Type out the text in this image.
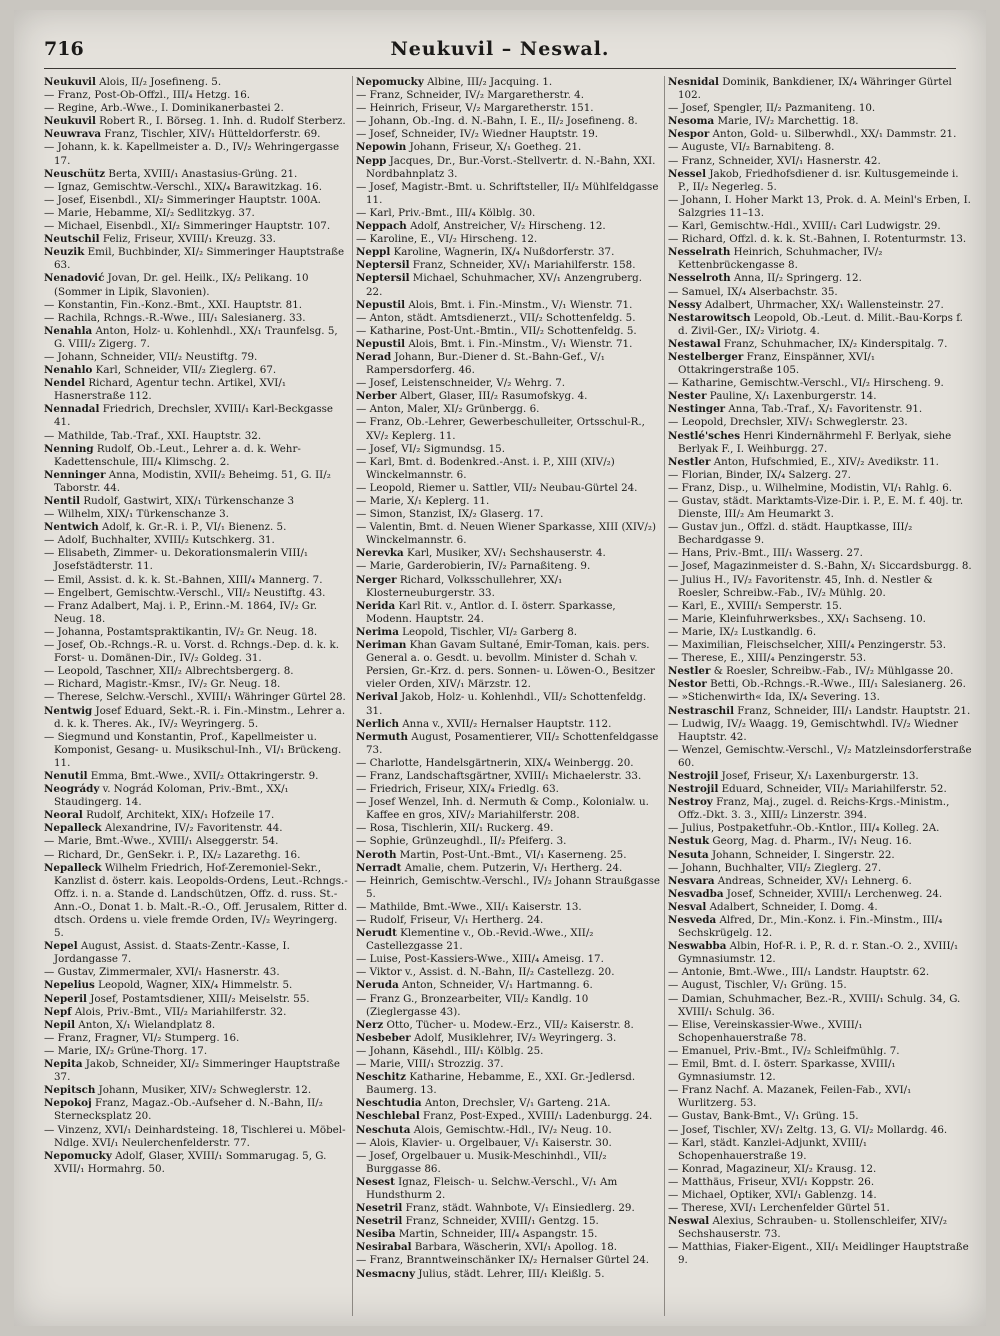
716	Neukuvil – Neswal.
Neukuvil Alois, II/₂ Josefineng. 5.
— Franz, Post-Ob-Offzl., III/₄ Hetzg. 16.
— Regine, Arb.-Wwe., I. Dominikanerbastei 2.
Neukuvil Robert R., I. Börseg. 1. Inh. d. Rudolf Sterberz.
Neuwrava Franz, Tischler, XIV/₁ Hütteldorferstr. 69.
— Johann, k. k. Kapellmeister a. D., IV/₂ Wehringergasse 17.
Neuschütz Berta, XVIII/₁ Anastasius-Grüng. 21.
— Ignaz, Gemischtw.-Verschl., XIX/₄ Barawitzkag. 16.
— Josef, Eisenbdl., XI/₂ Simmeringer Hauptstr. 100A.
— Marie, Hebamme, XI/₂ Sedlitzkyg. 37.
— Michael, Eisenbdl., XI/₂ Simmeringer Hauptstr. 107.
Neutschil Feliz, Friseur, XVIII/₁ Kreuzg. 33.
Neuzik Emil, Buchbinder, XI/₂ Simmeringer Hauptstraße 63.
Nenadović Jovan, Dr. gel. Heilk., IX/₂ Pelikang. 10 (Sommer in Lipik, Slavonien).
— Konstantin, Fin.-Konz.-Bmt., XXI. Hauptstr. 81.
— Rachila, Rchngs.-R.-Wwe., III/₁ Salesianerg. 33.
Nenahla Anton, Holz- u. Kohlenhdl., XX/₁ Traunfelsg. 5, G. VIII/₂ Zigerg. 7.
— Johann, Schneider, VII/₂ Neustiftg. 79.
Nenahlo Karl, Schneider, VII/₂ Zieglerg. 67.
Nendel Richard, Agentur techn. Artikel, XVI/₁ Hasnerstraße 112.
Nennadal Friedrich, Drechsler, XVIII/₁ Karl-Beckgasse 41.
— Mathilde, Tab.-Traf., XXI. Hauptstr. 32.
Nenning Rudolf, Ob.-Leut., Lehrer a. d. k. Wehr-Kadettenschule, III/₄ Klimschg. 2.
Nenninger Anna, Modistin, XVII/₂ Beheimg. 51, G. II/₂ Taborstr. 44.
Nentil Rudolf, Gastwirt, XIX/₁ Türkenschanze 3
— Wilhelm, XIX/₁ Türkenschanze 3.
Nentwich Adolf, k. Gr.-R. i. P., VI/₁ Bienenz. 5.
— Adolf, Buchhalter, XVIII/₂ Kutschkerg. 31.
— Elisabeth, Zimmer- u. Dekorationsmalerin VIII/₁ Josefstädterstr. 11.
— Emil, Assist. d. k. k. St.-Bahnen, XIII/₄ Mannerg. 7.
— Engelbert, Gemischtw.-Verschl., VII/₂ Neustiftg. 43.
— Franz Adalbert, Maj. i. P., Erinn.-M. 1864, IV/₂ Gr. Neug. 18.
— Johanna, Postamtspraktikantin, IV/₂ Gr. Neug. 18.
— Josef, Ob.-Rchngs.-R. u. Vorst. d. Rchngs.-Dep. d. k. k. Forst- u. Domänen-Dir., IV/₂ Goldeg. 31.
— Leopold, Taschner, XII/₂ Albrechtsbergerg. 8.
— Richard, Magistr.-Kmsr., IV/₂ Gr. Neug. 18.
— Therese, Selchw.-Verschl., XVIII/₁ Währinger Gürtel 28.
Nentwig Josef Eduard, Sekt.-R. i. Fin.-Minstm., Lehrer a. d. k. k. Theres. Ak., IV/₂ Weyringerg. 5.
— Siegmund und Konstantin, Prof., Kapellmeister u. Komponist, Gesang- u. Musikschul-Inh., VI/₁ Brückeng. 11.
Nenutil Emma, Bmt.-Wwe., XVII/₂ Ottakringerstr. 9.
Neogrády v. Nográd Koloman, Priv.-Bmt., XX/₁ Staudingerg. 14.
Neoral Rudolf, Architekt, XIX/₁ Hofzeile 17.
Nepalleck Alexandrine, IV/₂ Favoritenstr. 44.
— Marie, Bmt.-Wwe., XVIII/₁ Alseggerstr. 54.
— Richard, Dr., GenSekr. i. P., IX/₂ Lazarethg. 16.
Nepalleck Wilhelm Friedrich, Hof-Zeremoniel-Sekr., Kanzlist d. österr. kais. Leopolds-Ordens, Leut.-Rchngs.-Offz. i. n. a. Stande d. Landschützen, Offz. d. russ. St.-Ann.-O., Donat 1. b. Malt.-R.-O., Off. Jerusalem, Ritter d. dtsch. Ordens u. viele fremde Orden, IV/₂ Weyringerg. 5.
Nepel August, Assist. d. Staats-Zentr.-Kasse, I. Jordangasse 7.
— Gustav, Zimmermaler, XVI/₁ Hasnerstr. 43.
Nepelius Leopold, Wagner, XIX/₄ Himmelstr. 5.
Neperil Josef, Postamtsdiener, XIII/₂ Meiselstr. 55.
Nepf Alois, Priv.-Bmt., VII/₂ Mariahilferstr. 32.
Nepil Anton, X/₁ Wielandplatz 8.
— Franz, Fragner, VI/₂ Stumperg. 16.
— Marie, IX/₂ Grüne-Thorg. 17.
Nepita Jakob, Schneider, XI/₂ Simmeringer Hauptstraße 37.
Nepitsch Johann, Musiker, XIV/₂ Schweglerstr. 12.
Nepokoj Franz, Magaz.-Ob.-Aufseher d. N.-Bahn, II/₂ Sternecksplatz 20.
— Vinzenz, XVI/₁ Deinhardsteing. 18, Tischlerei u. Möbel-Ndlge. XVI/₁ Neulerchenfelderstr. 77.
Nepomucky Adolf, Glaser, XVIII/₁ Sommarugag. 5, G. XVII/₁ Hormahrg. 50.
Nepomucky Albine, III/₂ Jacquing. 1.
— Franz, Schneider, IV/₂ Margaretherstr. 4.
— Heinrich, Friseur, V/₂ Margaretherstr. 151.
— Johann, Ob.-Ing. d. N.-Bahn, I. E., II/₂ Josefineng. 8.
— Josef, Schneider, IV/₂ Wiedner Hauptstr. 19.
Nepowin Johann, Friseur, X/₁ Goetheg. 21.
Nepp Jacques, Dr., Bur.-Vorst.-Stellvertr. d. N.-Bahn, XXI. Nordbahnplatz 3.
— Josef, Magistr.-Bmt. u. Schriftsteller, II/₂ Mühlfeldgasse 11.
— Karl, Priv.-Bmt., III/₄ Kölblg. 30.
Neppach Adolf, Anstreicher, V/₂ Hirscheng. 12.
— Karoline, E., VI/₂ Hirscheng. 12.
Neppl Karoline, Wagnerin, IX/₄ Nußdorferstr. 37.
Neptersil Franz, Schneider, XV/₁ Mariahilferstr. 158.
Neptersil Michael, Schuhmacher, XV/₁ Anzengruberg. 22.
Nepustil Alois, Bmt. i. Fin.-Minstm., V/₁ Wienstr. 71.
— Anton, städt. Amtsdienerzt., VII/₂ Schottenfeldg. 5.
— Katharine, Post-Unt.-Bmtin., VII/₂ Schottenfeldg. 5.
Nepustil Alois, Bmt. i. Fin.-Minstm., V/₁ Wienstr. 71.
Nerad Johann, Bur.-Diener d. St.-Bahn-Gef., V/₁ Rampersdorferg. 46.
— Josef, Leistenschneider, V/₂ Wehrg. 7.
Nerber Albert, Glaser, III/₂ Rasumofskyg. 4.
— Anton, Maler, XI/₂ Grünbergg. 6.
— Franz, Ob.-Lehrer, Gewerbeschulleiter, Ortsschul-R., XV/₂ Keplerg. 11.
— Josef, VI/₂ Sigmundsg. 15.
— Karl, Bmt. d. Bodenkred.-Anst. i. P., XIII (XIV/₂) Winckelmannstr. 6.
— Leopold, Riemer u. Sattler, VII/₂ Neubau-Gürtel 24.
— Marie, X/₁ Keplerg. 11.
— Simon, Stanzist, IX/₂ Glaserg. 17.
— Valentin, Bmt. d. Neuen Wiener Sparkasse, XIII (XIV/₂) Winckelmannstr. 6.
Nerevka Karl, Musiker, XV/₁ Sechshauserstr. 4.
— Marie, Garderobierin, IV/₂ Parnaßiteng. 9.
Nerger Richard, Volksschullehrer, XX/₁ Klosterneuburgerstr. 33.
Nerida Karl Rit. v., Antlor. d. I. österr. Sparkasse, Modenn. Hauptstr. 24.
Nerima Leopold, Tischler, VI/₂ Garberg 8.
Neriman Khan Gavam Sultané, Emir-Toman, kais. pers. General a. o. Gesdt. u. bevollm. Minister d. Schah v. Persien, Gr.-Krz. d. pers. Sonnen- u. Löwen-O., Besitzer vieler Orden, XIV/₁ Märzstr. 12.
Nerival Jakob, Holz- u. Kohlenhdl., VII/₂ Schottenfeldg. 31.
Nerlich Anna v., XVII/₂ Hernalser Hauptstr. 112.
Nermuth August, Posamentierer, VII/₂ Schottenfeldgasse 73.
— Charlotte, Handelsgärtnerin, XIX/₄ Weinbergg. 20.
— Franz, Landschaftsgärtner, XVIII/₁ Michaelerstr. 33.
— Friedrich, Friseur, XIX/₄ Friedlg. 63.
— Josef Wenzel, Inh. d. Nermuth & Comp., Kolonialw. u. Kaffee en gros, XIV/₂ Mariahilferstr. 208.
— Rosa, Tischlerin, XII/₁ Ruckerg. 49.
— Sophie, Grünzeughdl., II/₂ Pfeiferg. 3.
Neroth Martin, Post-Unt.-Bmt., VI/₁ Kaserneng. 25.
Nerradt Amalie, chem. Putzerin, V/₁ Hertherg. 24.
— Heinrich, Gemischtw.-Verschl., IV/₂ Johann Straußgasse 5.
— Mathilde, Bmt.-Wwe., XII/₁ Kaiserstr. 13.
— Rudolf, Friseur, V/₁ Hertherg. 24.
Nerudt Klementine v., Ob.-Revid.-Wwe., XII/₂ Castellezgasse 21.
— Luise, Post-Kassiers-Wwe., XIII/₄ Ameisg. 17.
— Viktor v., Assist. d. N.-Bahn, II/₂ Castellezg. 20.
Neruda Anton, Schneider, V/₁ Hartmanng. 6.
— Franz G., Bronzearbeiter, VII/₂ Kandlg. 10 (Zieglergasse 43).
Nerz Otto, Tücher- u. Modew.-Erz., VII/₂ Kaiserstr. 8.
Nesbeber Adolf, Musiklehrer, IV/₂ Weyringerg. 3.
— Johann, Käsehdl., III/₁ Kölblg. 25.
— Marie, VIII/₁ Strozzig. 37.
Neschitz Katharine, Hebamme, E., XXI. Gr.-Jedlersd. Baumerg. 13.
Neschtudia Anton, Drechsler, V/₁ Garteng. 21A.
Neschlebal Franz, Post-Exped., XVIII/₁ Ladenburgg. 24.
Neschuta Alois, Gemischtw.-Hdl., IV/₂ Neug. 10.
— Alois, Klavier- u. Orgelbauer, V/₁ Kaiserstr. 30.
— Josef, Orgelbauer u. Musik-Meschinhdl., VII/₂ Burggasse 86.
Nesest Ignaz, Fleisch- u. Selchw.-Verschl., V/₁ Am Hundsthurm 2.
Nesetril Franz, städt. Wahnbote, V/₁ Einsiedlerg. 29.
Nesetril Franz, Schneider, XVIII/₁ Gentzg. 15.
Nesiba Martin, Schneider, III/₄ Aspangstr. 15.
Nesirabal Barbara, Wäscherin, XVI/₁ Apollog. 18.
— Franz, Branntweinschänker IX/₂ Hernalser Gürtel 24.
Nesmacny Julius, städt. Lehrer, III/₁ Kleißlg. 5.
Nesnidal Dominik, Bankdiener, IX/₄ Währinger Gürtel 102.
— Josef, Spengler, II/₂ Pazmaniteng. 10.
Nesoma Marie, IV/₂ Marchettig. 18.
Nespor Anton, Gold- u. Silberwhdl., XX/₁ Dammstr. 21.
— Auguste, VI/₂ Barnabiteng. 8.
— Franz, Schneider, XVI/₁ Hasnerstr. 42.
Nessel Jakob, Friedhofsdiener d. isr. Kultusgemeinde i. P., II/₂ Negerleg. 5.
— Johann, I. Hoher Markt 13, Prok. d. A. Meinl's Erben, I. Salzgries 11–13.
— Karl, Gemischtw.-Hdl., XVIII/₁ Carl Ludwigstr. 29.
— Richard, Offzl. d. k. k. St.-Bahnen, I. Rotenturmstr. 13.
Nesselrath Heinrich, Schuhmacher, IV/₂ Kettenbrückengasse 8.
Nesselroth Anna, II/₂ Springerg. 12.
— Samuel, IX/₄ Alserbachstr. 35.
Nessy Adalbert, Uhrmacher, XX/₁ Wallensteinstr. 27.
Nestarowitsch Leopold, Ob.-Leut. d. Milit.-Bau-Korps f. d. Zivil-Ger., IX/₂ Viriotg. 4.
Nestawal Franz, Schuhmacher, IX/₂ Kinderspitalg. 7.
Nestelberger Franz, Einspänner, XVI/₁ Ottakringerstraße 105.
— Katharine, Gemischtw.-Verschl., VI/₂ Hirscheng. 9.
Nester Pauline, X/₁ Laxenburgerstr. 14.
Nestinger Anna, Tab.-Traf., X/₁ Favoritenstr. 91.
— Leopold, Drechsler, XIV/₁ Schweglerstr. 23.
Nestlé'sches Henri Kindernährmehl F. Berlyak, siehe Berlyak F., I. Weihburgg. 27.
Nestler Anton, Hufschmied, E., XIV/₂ Avedikstr. 11.
— Florian, Binder, IX/₄ Salzerg. 27.
— Franz, Disp., u. Wilhelmine, Modistin, VI/₁ Rahlg. 6.
— Gustav, städt. Marktamts-Vize-Dir. i. P., E. M. f. 40j. tr. Dienste, III/₂ Am Heumarkt 3.
— Gustav jun., Offzl. d. städt. Hauptkasse, III/₂ Bechardgasse 9.
— Hans, Priv.-Bmt., III/₁ Wasserg. 27.
— Josef, Magazinmeister d. S.-Bahn, X/₁ Siccardsburgg. 8.
— Julius H., IV/₂ Favoritenstr. 45, Inh. d. Nestler & Roesler, Schreibw.-Fab., IV/₂ Mühlg. 20.
— Karl, E., XVIII/₁ Semperstr. 15.
— Marie, Kleinfuhrwerksbes., XX/₁ Sachseng. 10.
— Marie, IX/₂ Lustkandlg. 6.
— Maximilian, Fleischselcher, XIII/₄ Penzingerstr. 53.
— Therese, E., XIII/₄ Penzingerstr. 53.
Nestler & Roesler, Schreibw.-Fab., IV/₂ Mühlgasse 20.
Nestor Betti, Ob.-Rchngs.-R.-Wwe., III/₁ Salesianerg. 26.
— »Stichenwirth« Ida, IX/₄ Severing. 13.
Nestraschil Franz, Schneider, III/₁ Landstr. Hauptstr. 21.
— Ludwig, IV/₂ Waagg. 19, Gemischtwhdl. IV/₂ Wiedner Hauptstr. 42.
— Wenzel, Gemischtw.-Verschl., V/₂ Matzleinsdorferstraße 60.
Nestrojil Josef, Friseur, X/₁ Laxenburgerstr. 13.
Nestrojil Eduard, Schneider, VII/₂ Mariahilferstr. 52.
Nestroy Franz, Maj., zugel. d. Reichs-Krgs.-Ministm., Offz.-Dkt. 3. 3., XIII/₂ Linzerstr. 394.
— Julius, Postpaketfuhr.-Ob.-Kntlor., III/₄ Kolleg. 2A.
Nestuk Georg, Mag. d. Pharm., IV/₁ Neug. 16.
Nesuta Johann, Schneider, I. Singerstr. 22.
— Johann, Buchhalter, VII/₂ Zieglerg. 27.
Nesvara Andreas, Schneider, XV/₁ Lehnerg. 6.
Nesvadba Josef, Schneider, XVIII/₁ Lerchenweg. 24.
Nesval Adalbert, Schneider, I. Domg. 4.
Nesveda Alfred, Dr., Min.-Konz. i. Fin.-Minstm., III/₄ Sechskrügelg. 12.
Neswabba Albin, Hof-R. i. P., R. d. r. Stan.-O. 2., XVIII/₁ Gymnasiumstr. 12.
— Antonie, Bmt.-Wwe., III/₁ Landstr. Hauptstr. 62.
— August, Tischler, V/₁ Grüng. 15.
— Damian, Schuhmacher, Bez.-R., XVIII/₁ Schulg. 34, G. XVIII/₁ Schulg. 36.
— Elise, Vereinskassier-Wwe., XVIII/₁ Schopenhauerstraße 78.
— Emanuel, Priv.-Bmt., IV/₂ Schleifmühlg. 7.
— Emil, Bmt. d. I. österr. Sparkasse, XVIII/₁ Gymnasiumstr. 12.
— Franz Nachf. A. Mazanek, Feilen-Fab., XVI/₁ Wurlitzerg. 53.
— Gustav, Bank-Bmt., V/₁ Grüng. 15.
— Josef, Tischler, XV/₁ Zeltg. 13, G. VI/₂ Mollardg. 46.
— Karl, städt. Kanzlei-Adjunkt, XVIII/₁ Schopenhauerstraße 19.
— Konrad, Magazineur, XI/₂ Krausg. 12.
— Matthäus, Friseur, XVI/₁ Koppstr. 26.
— Michael, Optiker, XVI/₁ Gablenzg. 14.
— Therese, XVI/₁ Lerchenfelder Gürtel 51.
Neswal Alexius, Schrauben- u. Stollenschleifer, XIV/₂ Sechshauserstr. 73.
— Matthias, Fiaker-Eigent., XII/₁ Meidlinger Hauptstraße 9.
